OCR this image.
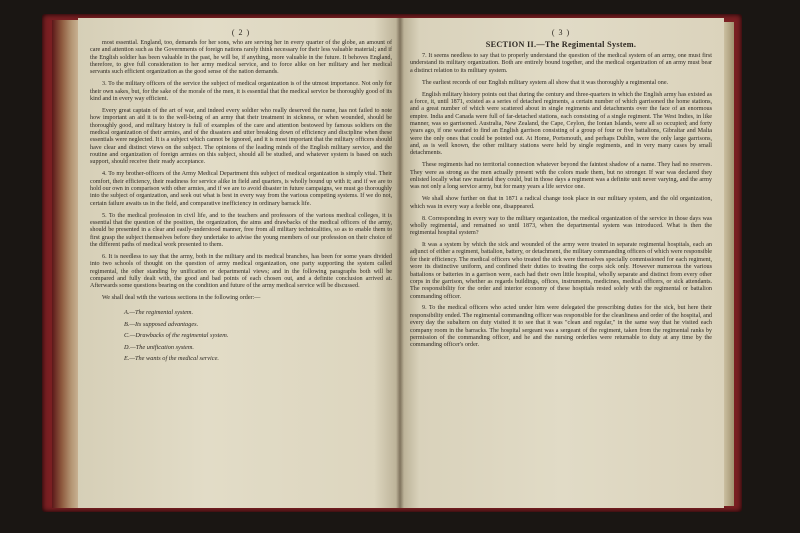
( 2 )

most essential. England, too, demands for her sons, who are serving her in every quarter of the globe, an amount of care and attention such as the Governments of foreign nations rarely think necessary for their less valuable material; and if the English soldier has been valuable in the past, he will be, if anything, more valuable in the future. It behoves England, therefore, to give full consideration to her army medical service, and to force alike on her military and her medical servants such efficient organization as the good sense of the nation demands.

3. To the military officers of the service the subject of medical organization is of the utmost importance. Not only for their own sakes, but, for the sake of the morale of the men, it is essential that the medical service be thoroughly good of its kind and in every way efficient.

Every great captain of the art of war, and indeed every soldier who really deserved the name, has not failed to note how important an aid it is to the well-being of an army that their treatment in sickness, or when wounded, should be thoroughly good, and military history is full of examples of the care and attention bestowed by famous soldiers on the medical organization of their armies, and of the disasters and utter breaking down of efficiency and discipline when these essentials were neglected. It is a subject which cannot be ignored, and it is most important that the military officers should have clear and distinct views on the subject. The opinions of the leading minds of the English military service, and the routine and organization of foreign armies on this subject, should all be studied, and whatever system is based on such support, should receive their ready acceptance.

4. To my brother-officers of the Army Medical Department this subject of medical organization is simply vital. Their comfort, their efficiency, their readiness for service alike in field and quarters, is wholly bound up with it; and if we are to hold our own in comparison with other armies, and if we are to avoid disaster in future campaigns, we must go thoroughly into the subject of organization, and seek out what is best in every way from the various competing systems. If we do not, certain failure awaits us in the field, and comparative inefficiency in ordinary barrack life.

5. To the medical profession in civil life, and to the teachers and professors of the various medical colleges, it is essential that the question of the position, the organization, the aims and drawbacks of the medical officers of the army, should be presented in a clear and easily-understood manner, free from all military technicalities, so as to enable them to first grasp the subject themselves before they undertake to advise the young members of our profession on their choice of the different paths of medical work presented to them.

6. It is needless to say that the army, both in the military and its medical branches, has been for some years divided into two schools of thought on the question of army medical organization, one party supporting the system called regimental, the other standing by unification or departmental views; and in the following paragraphs both will be compared and fully dealt with, the good and bad points of each chosen out, and a definite conclusion arrived at. Afterwards some questions bearing on the condition and future of the army medical service will be discussed.

We shall deal with the various sections in the following order:—

A.—The regimental system.
B.—Its supposed advantages.
C.—Drawbacks of the regimental system.
D.—The unification system.
E.—The wants of the medical service.
( 3 )
SECTION II.—The Regimental System.

7. It seems needless to say that to properly understand the question of the medical system of an army, one must first understand its military organization. Both are entirely bound together, and the medical organization of an army must bear a distinct relation to its military system.

The earliest records of our English military system all show that it was thoroughly a regimental one.

English military history points out that during the century and three-quarters in which the English army has existed as a force, it, until 1871, existed as a series of detached regiments, a certain number of which garrisoned the home stations, and a great number of which were scattered about in single regiments and detachments over the face of an enormous empire. India and Canada were full of far-detached stations, each consisting of a single regiment. The West Indies, in like manner, was so garrisoned. Australia, New Zealand, the Cape, Ceylon, the Ionian Islands, were all so occupied; and forty years ago, if one wanted to find an English garrison consisting of a group of four or five battalions, Gibraltar and Malta were the only ones that could be pointed out. At Home, Portsmouth, and perhaps Dublin, were the only large garrisons, and, as is well known, the other military stations were held by single regiments, and in very many cases by small detachments.

These regiments had no territorial connection whatever beyond the faintest shadow of a name. They had no reserves. They were as strong as the men actually present with the colors made them, but no stronger. If war was declared they enlisted locally what raw material they could, but in those days a regiment was a definite unit never varying, and the army was not only a long service army, but for many years a life service one.

We shall show further on that in 1871 a radical change took place in our military system, and the old organization, which was in every way a feeble one, disappeared.

8. Corresponding in every way to the military organization, the medical organization of the service in those days was wholly regimental, and remained so until 1873, when the departmental system was introduced. What is then the regimental hospital system?

It was a system by which the sick and wounded of the army were treated in separate regimental hospitals, each an adjunct of either a regiment, battalion, battery, or detachment, the military commanding officers of which were responsible for their efficiency. The medical officers who treated the sick were themselves specially commissioned for each regiment, wore its distinctive uniform, and confined their duties to treating the corps sick only. However numerous the various battalions or batteries in a garrison were, each had their own little hospital, wholly separate and distinct from every other corps in the garrison, whether as regards buildings, offices, instruments, medicines, medical officers, or sick attendants. The responsibility for the order and interior economy of these hospitals rested solely with the regimental or battalion commanding officer.

9. To the medical officers who acted under him were delegated the prescribing duties for the sick, but here their responsibility ended. The regimental commanding officer was responsible for the cleanliness and order of the hospital, and every day the subaltern on duty visited it to see that it was "clean and regular," in the same way that he visited each company room in the barracks. The hospital sergeant was a sergeant of the regiment, taken from the regimental ranks by permission of the commanding officer, and he and the nursing orderlies were returnable to duty at any time by the commanding officer's order.
